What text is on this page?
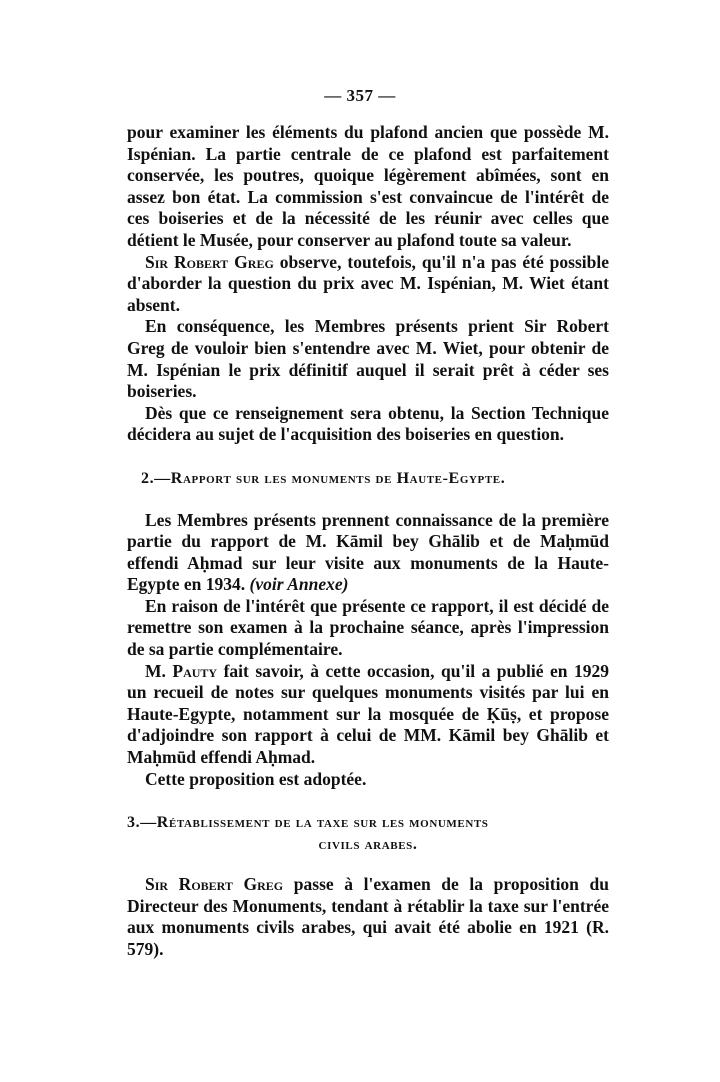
— 357 —

pour examiner les éléments du plafond ancien que possède M. Ispénian. La partie centrale de ce plafond est parfaitement conservée, les poutres, quoique légèrement abîmées, sont en assez bon état. La commission s'est convaincue de l'intérêt de ces boiseries et de la nécessité de les réunir avec celles que détient le Musée, pour conserver au plafond toute sa valeur.

Sir Robert Greg observe, toutefois, qu'il n'a pas été possible d'aborder la question du prix avec M. Ispénian, M. Wiet étant absent.

En conséquence, les Membres présents prient Sir Robert Greg de vouloir bien s'entendre avec M. Wiet, pour obtenir de M. Ispénian le prix définitif auquel il serait prêt à céder ses boiseries.

Dès que ce renseignement sera obtenu, la Section Technique décidera au sujet de l'acquisition des boiseries en question.

2.—Rapport sur les monuments de Haute-Egypte.

Les Membres présents prennent connaissance de la première partie du rapport de M. Kāmil bey Ghālib et de Maḥmūd effendi Aḥmad sur leur visite aux monuments de la Haute-Egypte en 1934. (voir Annexe)

En raison de l'intérêt que présente ce rapport, il est décidé de remettre son examen à la prochaine séance, après l'impression de sa partie complémentaire.

M. Pauty fait savoir, à cette occasion, qu'il a publié en 1929 un recueil de notes sur quelques monuments visités par lui en Haute-Egypte, notamment sur la mosquée de Ḳūṣ, et propose d'adjoindre son rapport à celui de MM. Kāmil bey Ghālib et Maḥmūd effendi Aḥmad.

Cette proposition est adoptée.

3.—Rétablissement de la taxe sur les monuments
civils arabes.

Sir Robert Greg passe à l'examen de la proposition du Directeur des Monuments, tendant à rétablir la taxe sur l'entrée aux monuments civils arabes, qui avait été abolie en 1921 (R. 579).
